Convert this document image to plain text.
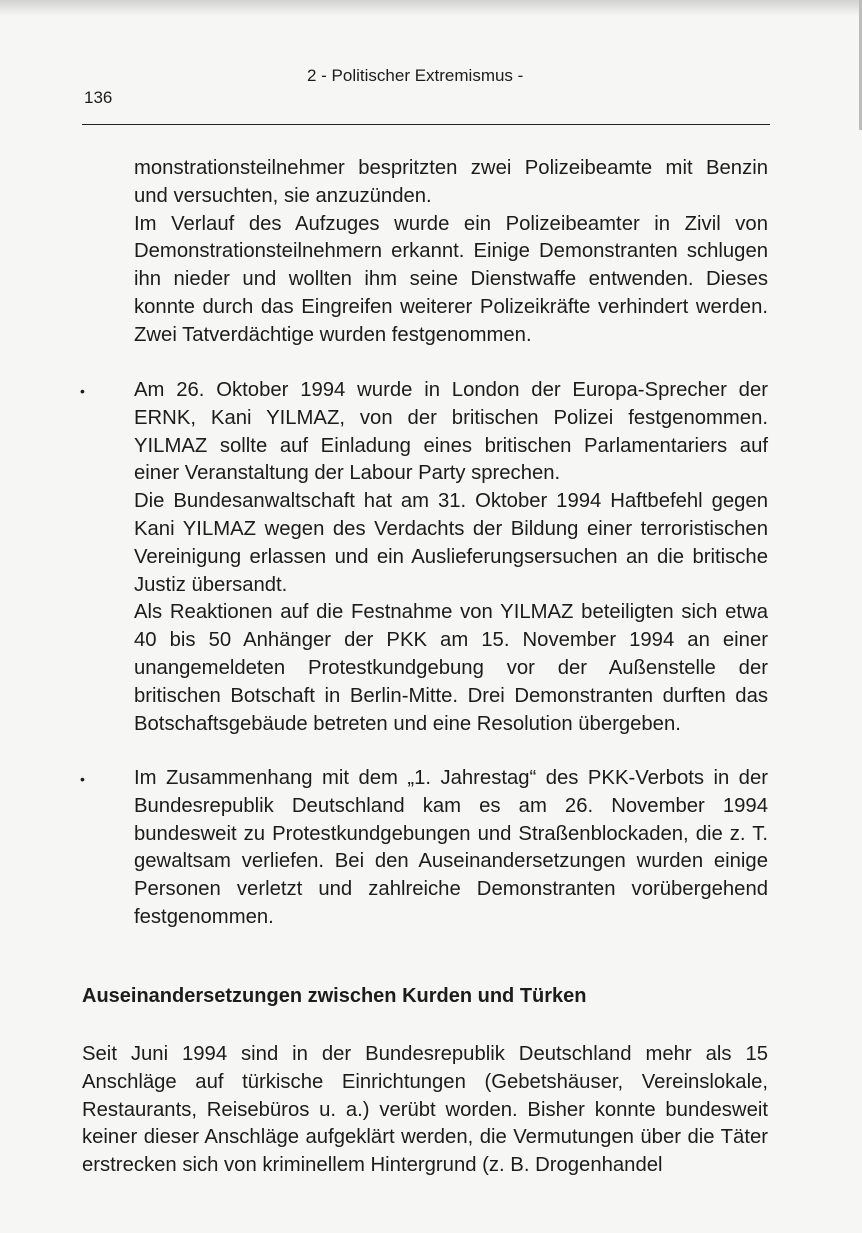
2 - Politischer Extremismus -
136

monstrationsteilnehmer bespritzten zwei Polizeibeamte mit Benzin und versuchten, sie anzuzünden.

Im Verlauf des Aufzuges wurde ein Polizeibeamter in Zivil von Demonstrationsteilnehmern erkannt. Einige Demonstranten schlugen ihn nieder und wollten ihm seine Dienstwaffe entwenden. Dieses konnte durch das Eingreifen weiterer Polizeikräfte verhindert werden. Zwei Tatverdächtige wurden festgenommen.

• Am 26. Oktober 1994 wurde in London der Europa-Sprecher der ERNK, Kani YILMAZ, von der britischen Polizei festgenommen. YILMAZ sollte auf Einladung eines britischen Parlamentariers auf einer Veranstaltung der Labour Party sprechen.

Die Bundesanwaltschaft hat am 31. Oktober 1994 Haftbefehl gegen Kani YILMAZ wegen des Verdachts der Bildung einer terroristischen Vereinigung erlassen und ein Auslieferungsersuchen an die britische Justiz übersandt.

Als Reaktionen auf die Festnahme von YILMAZ beteiligten sich etwa 40 bis 50 Anhänger der PKK am 15. November 1994 an einer unangemeldeten Protestkundgebung vor der Außenstelle der britischen Botschaft in Berlin-Mitte. Drei Demonstranten durften das Botschaftsgebäude betreten und eine Resolution übergeben.

• Im Zusammenhang mit dem „1. Jahrestag“ des PKK-Verbots in der Bundesrepublik Deutschland kam es am 26. November 1994 bundesweit zu Protestkundgebungen und Straßenblockaden, die z. T. gewaltsam verliefen. Bei den Auseinandersetzungen wurden einige Personen verletzt und zahlreiche Demonstranten vorübergehend festgenommen.

Auseinandersetzungen zwischen Kurden und Türken

Seit Juni 1994 sind in der Bundesrepublik Deutschland mehr als 15 Anschläge auf türkische Einrichtungen (Gebetshäuser, Vereinslokale, Restaurants, Reisebüros u. a.) verübt worden. Bisher konnte bundesweit keiner dieser Anschläge aufgeklärt werden, die Vermutungen über die Täter erstrecken sich von kriminellem Hintergrund (z. B. Drogenhandel
